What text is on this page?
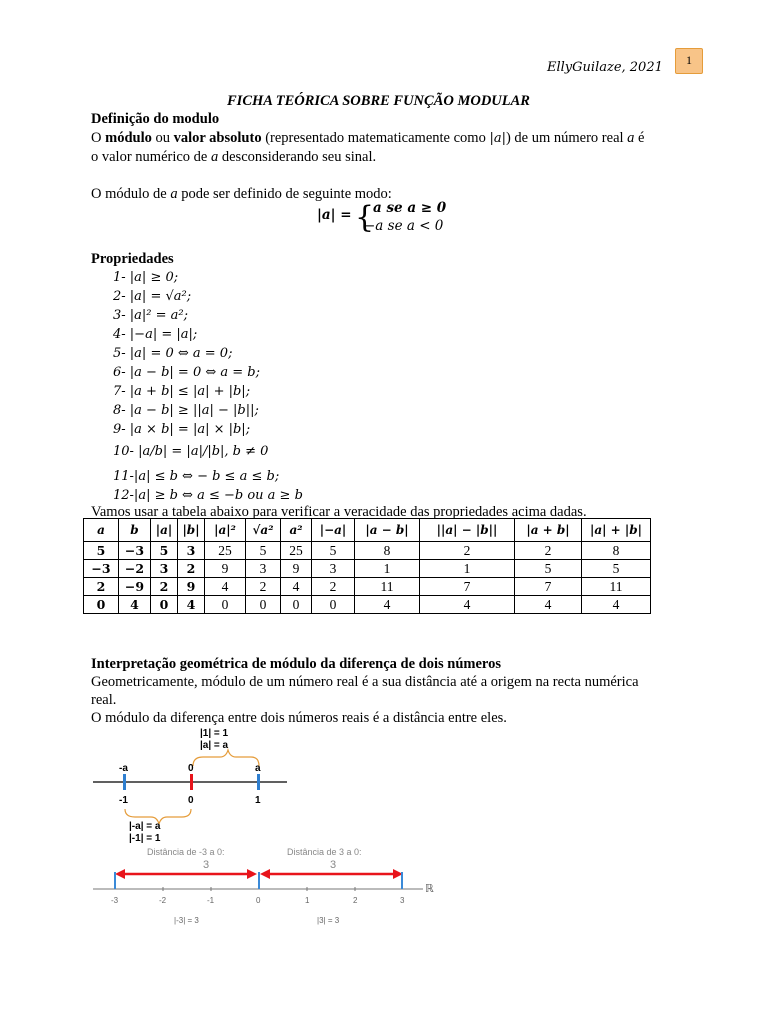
EllyGuilaze, 2021	1
FICHA TEÓRICA SOBRE FUNÇÃO MODULAR
Definição do modulo
O módulo ou valor absoluto (representado matematicamente como |a|) de um número real a é
o valor numérico de a desconsiderando seu sinal.
O módulo de a pode ser definido de seguinte modo:
|a| = {
a se a ≥ 0
−a se a < 0
Propriedades
1- |a| ≥ 0;
2- |a| = √a²;
3- |a|² = a²;
4- |−a| = |a|;
5- |a| = 0 ⇔ a = 0;
6- |a − b| = 0 ⇔ a = b;
7- |a + b| ≤ |a| + |b|;
8- |a − b| ≥ ||a| − |b||;
9- |a × b| = |a| × |b|;
10- |a/b| = |a|/|b|, b ≠ 0
11-|a| ≤ b ⇔ − b ≤ a ≤ b;
12-|a| ≥ b ⇔ a ≤ −b ou a ≥ b
Vamos usar a tabela abaixo para verificar a veracidade das propriedades acima dadas.
a	b	|a|	|b|	|a|²	√a²	a²	|−a|	|a − b|	||a| − |b||	|a + b|	|a| + |b|
5	−3	5	3	25	5	25	5	8	2	2	8
−3	−2	3	2	9	3	9	3	1	1	5	5
2	−9	2	9	4	2	4	2	11	7	7	11
0	4	0	4	0	0	0	0	4	4	4	4
Interpretação geométrica de módulo da diferença de dois números
Geometricamente, módulo de um número real é a sua distância até a origem na recta numérica
real.
O módulo da diferença entre dois números reais é a distância entre eles.
|1| = 1
|a| = a
-a	0	a
-1	0	1
|-a| = a
|-1| = 1
Distância de -3 a 0:
3
Distância de 3 a 0:
3
ℝ
-3	-2	-1	0	1	2	3
|-3| = 3	|3| = 3
